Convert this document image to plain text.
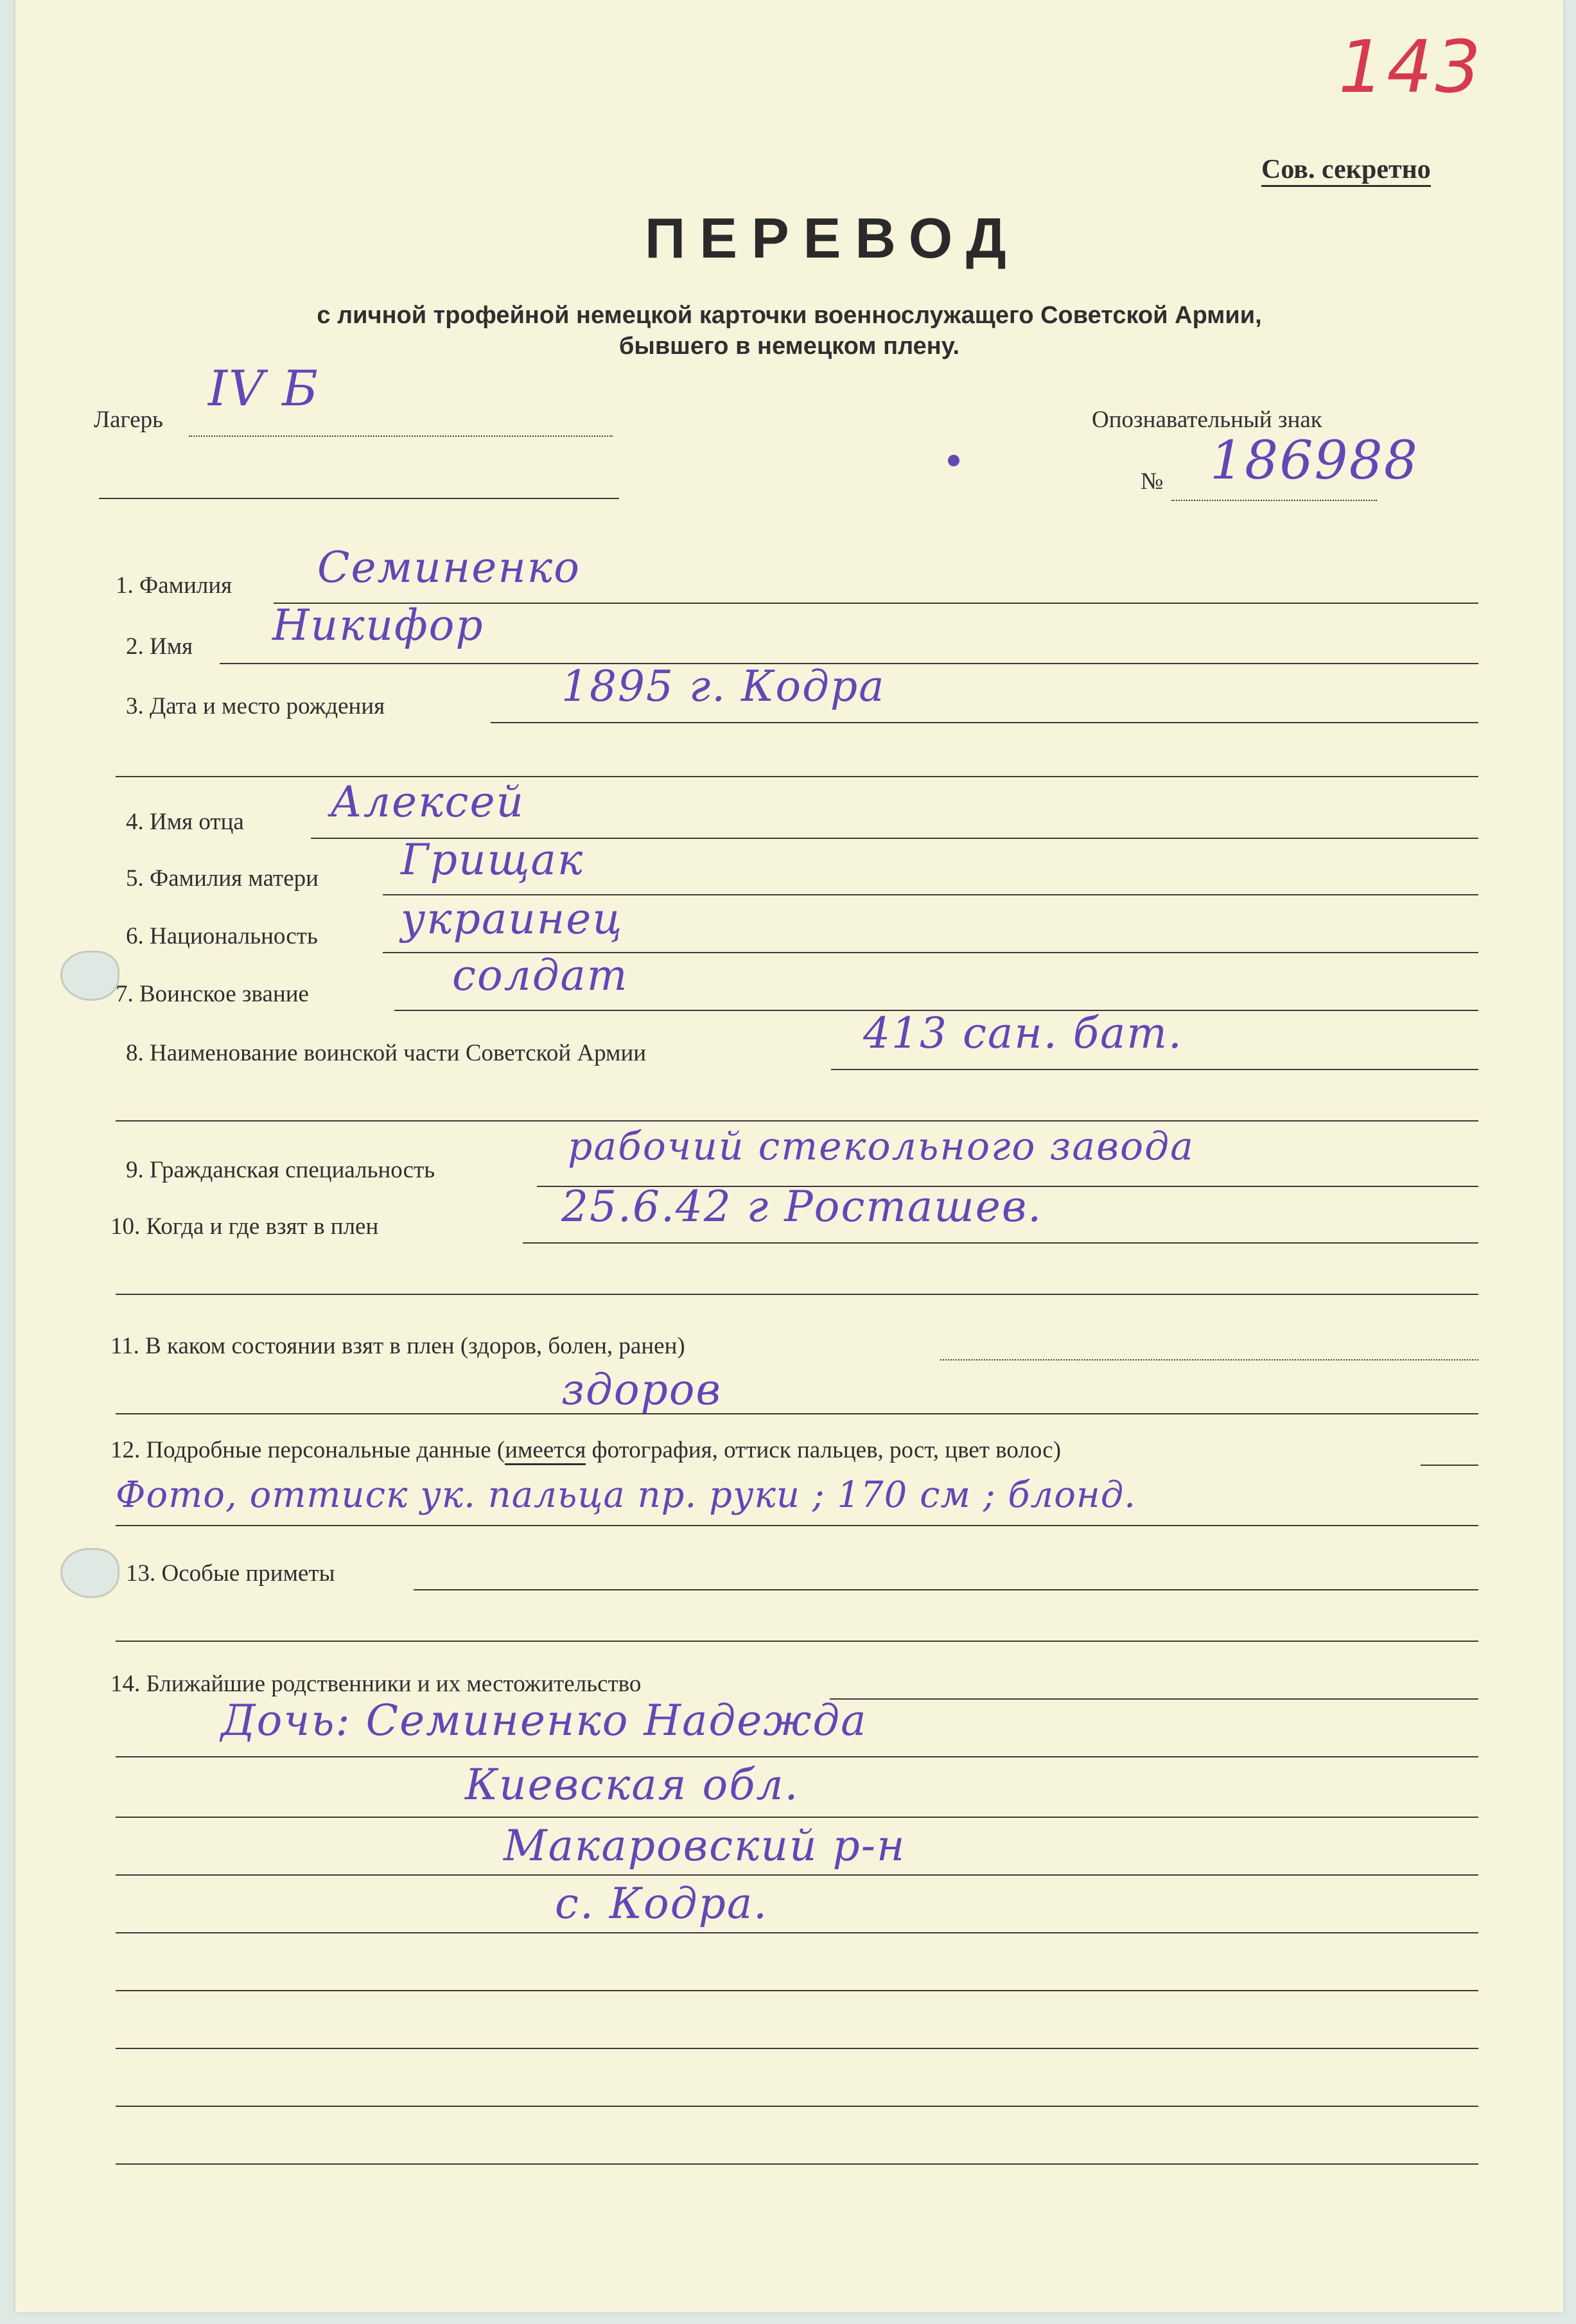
143
Сов. секретно
ПЕРЕВОД
с личной трофейной немецкой карточки военнослужащего Советской Армии,
бывшего в немецком плену.
Лагерь
IV Б
Опознавательный знак
№ 186988
1. Фамилия Семиненко
2. Имя Никифор
3. Дата и место рождения	1895 г. Кодра
4. Имя отца Алексей
5. Фамилия матери Грищак
6. Национальность украинец
7. Воинское звание	солдат
8. Наименование воинской части Советской Армии	413 сан. бат.
9. Гражданская специальность
рабочий стекольного завода
10. Когда и где взят в плен	25.6.42 г Росташев.
11. В каком состоянии взят в плен (здоров, болен, ранен)
здоров
12. Подробные персональные данные (имеется фотография, оттиск пальцев, рост, цвет волос)
Фото, оттиск ук. пальца пр. руки ; 170 см ; блонд.
13. Особые приметы
14. Ближайшие родственники и их местожительство
Дочь: Семиненко Надежда
Киевская обл.
Макаровский р-н
с. Кодра.
